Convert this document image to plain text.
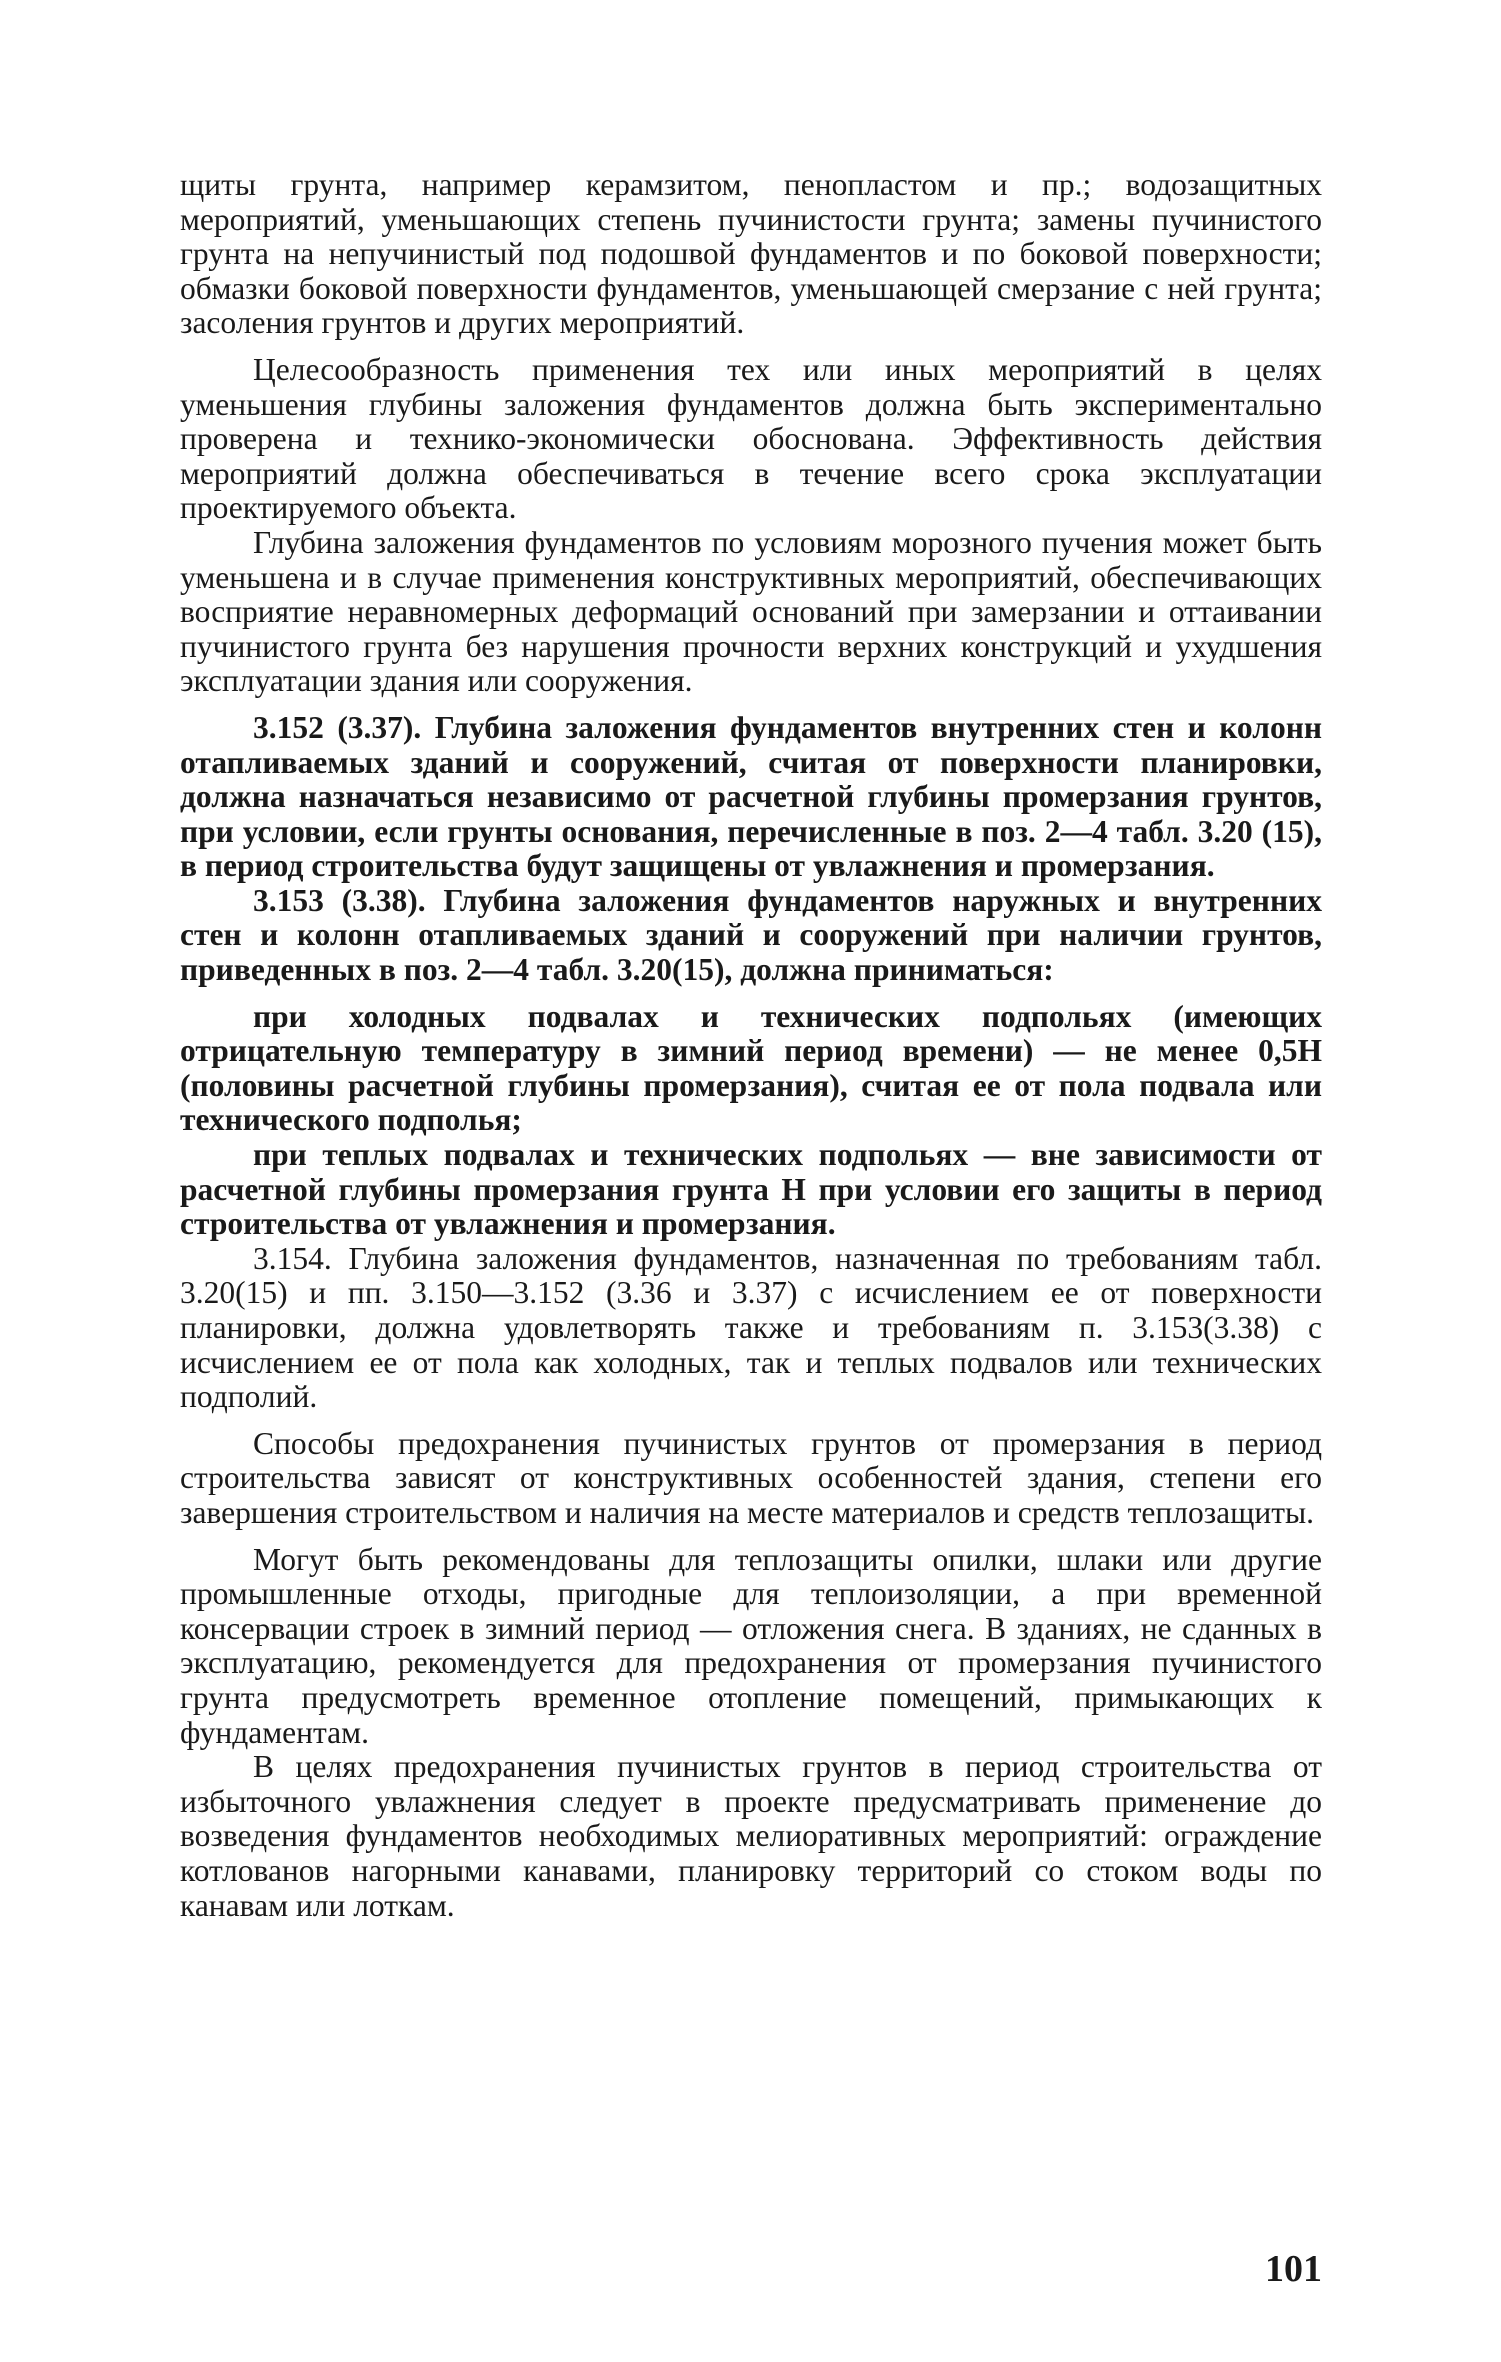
щиты грунта, например керамзитом, пенопластом и пр.; водозащитных мероприятий, уменьшающих степень пучинистости грунта; замены пучинистого грунта на непучинистый под подошвой фундаментов и по боковой поверхности; обмазки боковой поверхности фундаментов, уменьшающей смерзание с ней грунта; засоления грунтов и других мероприятий.

Целесообразность применения тех или иных мероприятий в целях уменьшения глубины заложения фундаментов должна быть экспериментально проверена и технико-экономически обоснована. Эффективность действия мероприятий должна обеспечиваться в течение всего срока эксплуатации проектируемого объекта.

Глубина заложения фундаментов по условиям морозного пучения может быть уменьшена и в случае применения конструктивных мероприятий, обеспечивающих восприятие неравномерных деформаций оснований при замерзании и оттаивании пучинистого грунта без нарушения прочности верхних конструкций и ухудшения эксплуатации здания или сооружения.

3.152 (3.37). Глубина заложения фундаментов внутренних стен и колонн отапливаемых зданий и сооружений, считая от поверхности планировки, должна назначаться независимо от расчетной глубины промерзания грунтов, при условии, если грунты основания, перечисленные в поз. 2—4 табл. 3.20 (15), в период строительства будут защищены от увлажнения и промерзания.

3.153 (3.38). Глубина заложения фундаментов наружных и внутренних стен и колонн отапливаемых зданий и сооружений при наличии грунтов, приведенных в поз. 2—4 табл. 3.20(15), должна приниматься:

при холодных подвалах и технических подпольях (имеющих отрицательную температуру в зимний период времени) — не менее 0,5H (половины расчетной глубины промерзания), считая ее от пола подвала или технического подполья;

при теплых подвалах и технических подпольях — вне зависимости от расчетной глубины промерзания грунта H при условии его защиты в период строительства от увлажнения и промерзания.

3.154. Глубина заложения фундаментов, назначенная по требованиям табл. 3.20(15) и пп. 3.150—3.152 (3.36 и 3.37) с исчислением ее от поверхности планировки, должна удовлетворять также и требованиям п. 3.153(3.38) с исчислением ее от пола как холодных, так и теплых подвалов или технических подполий.

Способы предохранения пучинистых грунтов от промерзания в период строительства зависят от конструктивных особенностей здания, степени его завершения строительством и наличия на месте материалов и средств теплозащиты.

Могут быть рекомендованы для теплозащиты опилки, шлаки или другие промышленные отходы, пригодные для теплоизоляции, а при временной консервации строек в зимний период — отложения снега. В зданиях, не сданных в эксплуатацию, рекомендуется для предохранения от промерзания пучинистого грунта предусмотреть временное отопление помещений, примыкающих к фундаментам.

В целях предохранения пучинистых грунтов в период строительства от избыточного увлажнения следует в проекте предусматривать применение до возведения фундаментов необходимых мелиоративных мероприятий: ограждение котлованов нагорными канавами, планировку территорий со стоком воды по канавам или лоткам.

101
